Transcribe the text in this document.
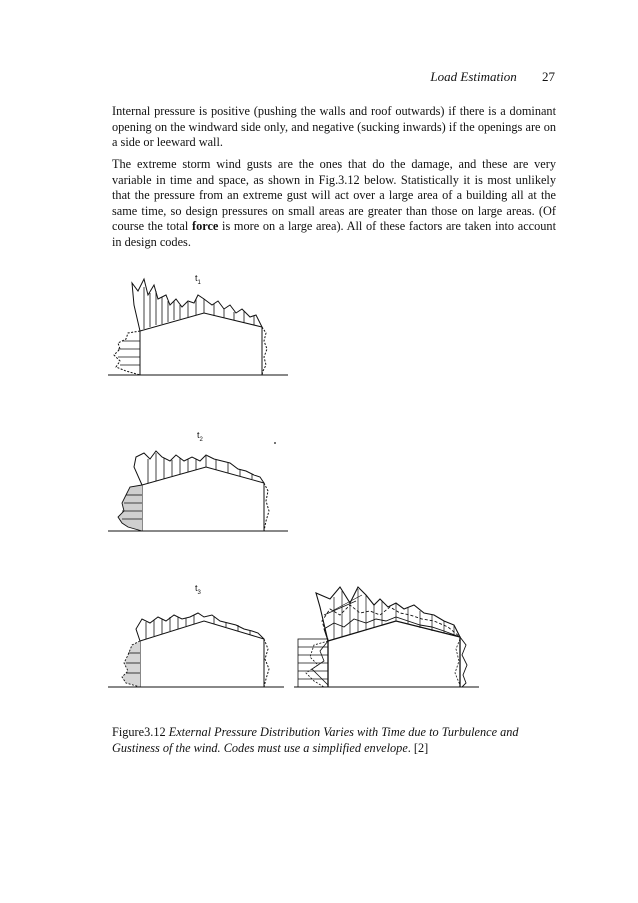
Load Estimation 27

Internal pressure is positive (pushing the walls and roof outwards) if there is a dominant opening on the windward side only, and negative (sucking inwards) if the openings are on a side or leeward wall.

The extreme storm wind gusts are the ones that do the damage, and these are very variable in time and space, as shown in Fig.3.12 below. Statistically it is most unlikely that the pressure from an extreme gust will act over a large area of a building all at the same time, so design pressures on small areas are greater than those on large areas. (Of course the total force is more on a large area). All of these factors are taken into account in design codes.

$t_1$
$t_2$
$t_3$

Figure3.12 External Pressure Distribution Varies with Time due to Turbulence and Gustiness of the wind. Codes must use a simplified envelope. [2]
